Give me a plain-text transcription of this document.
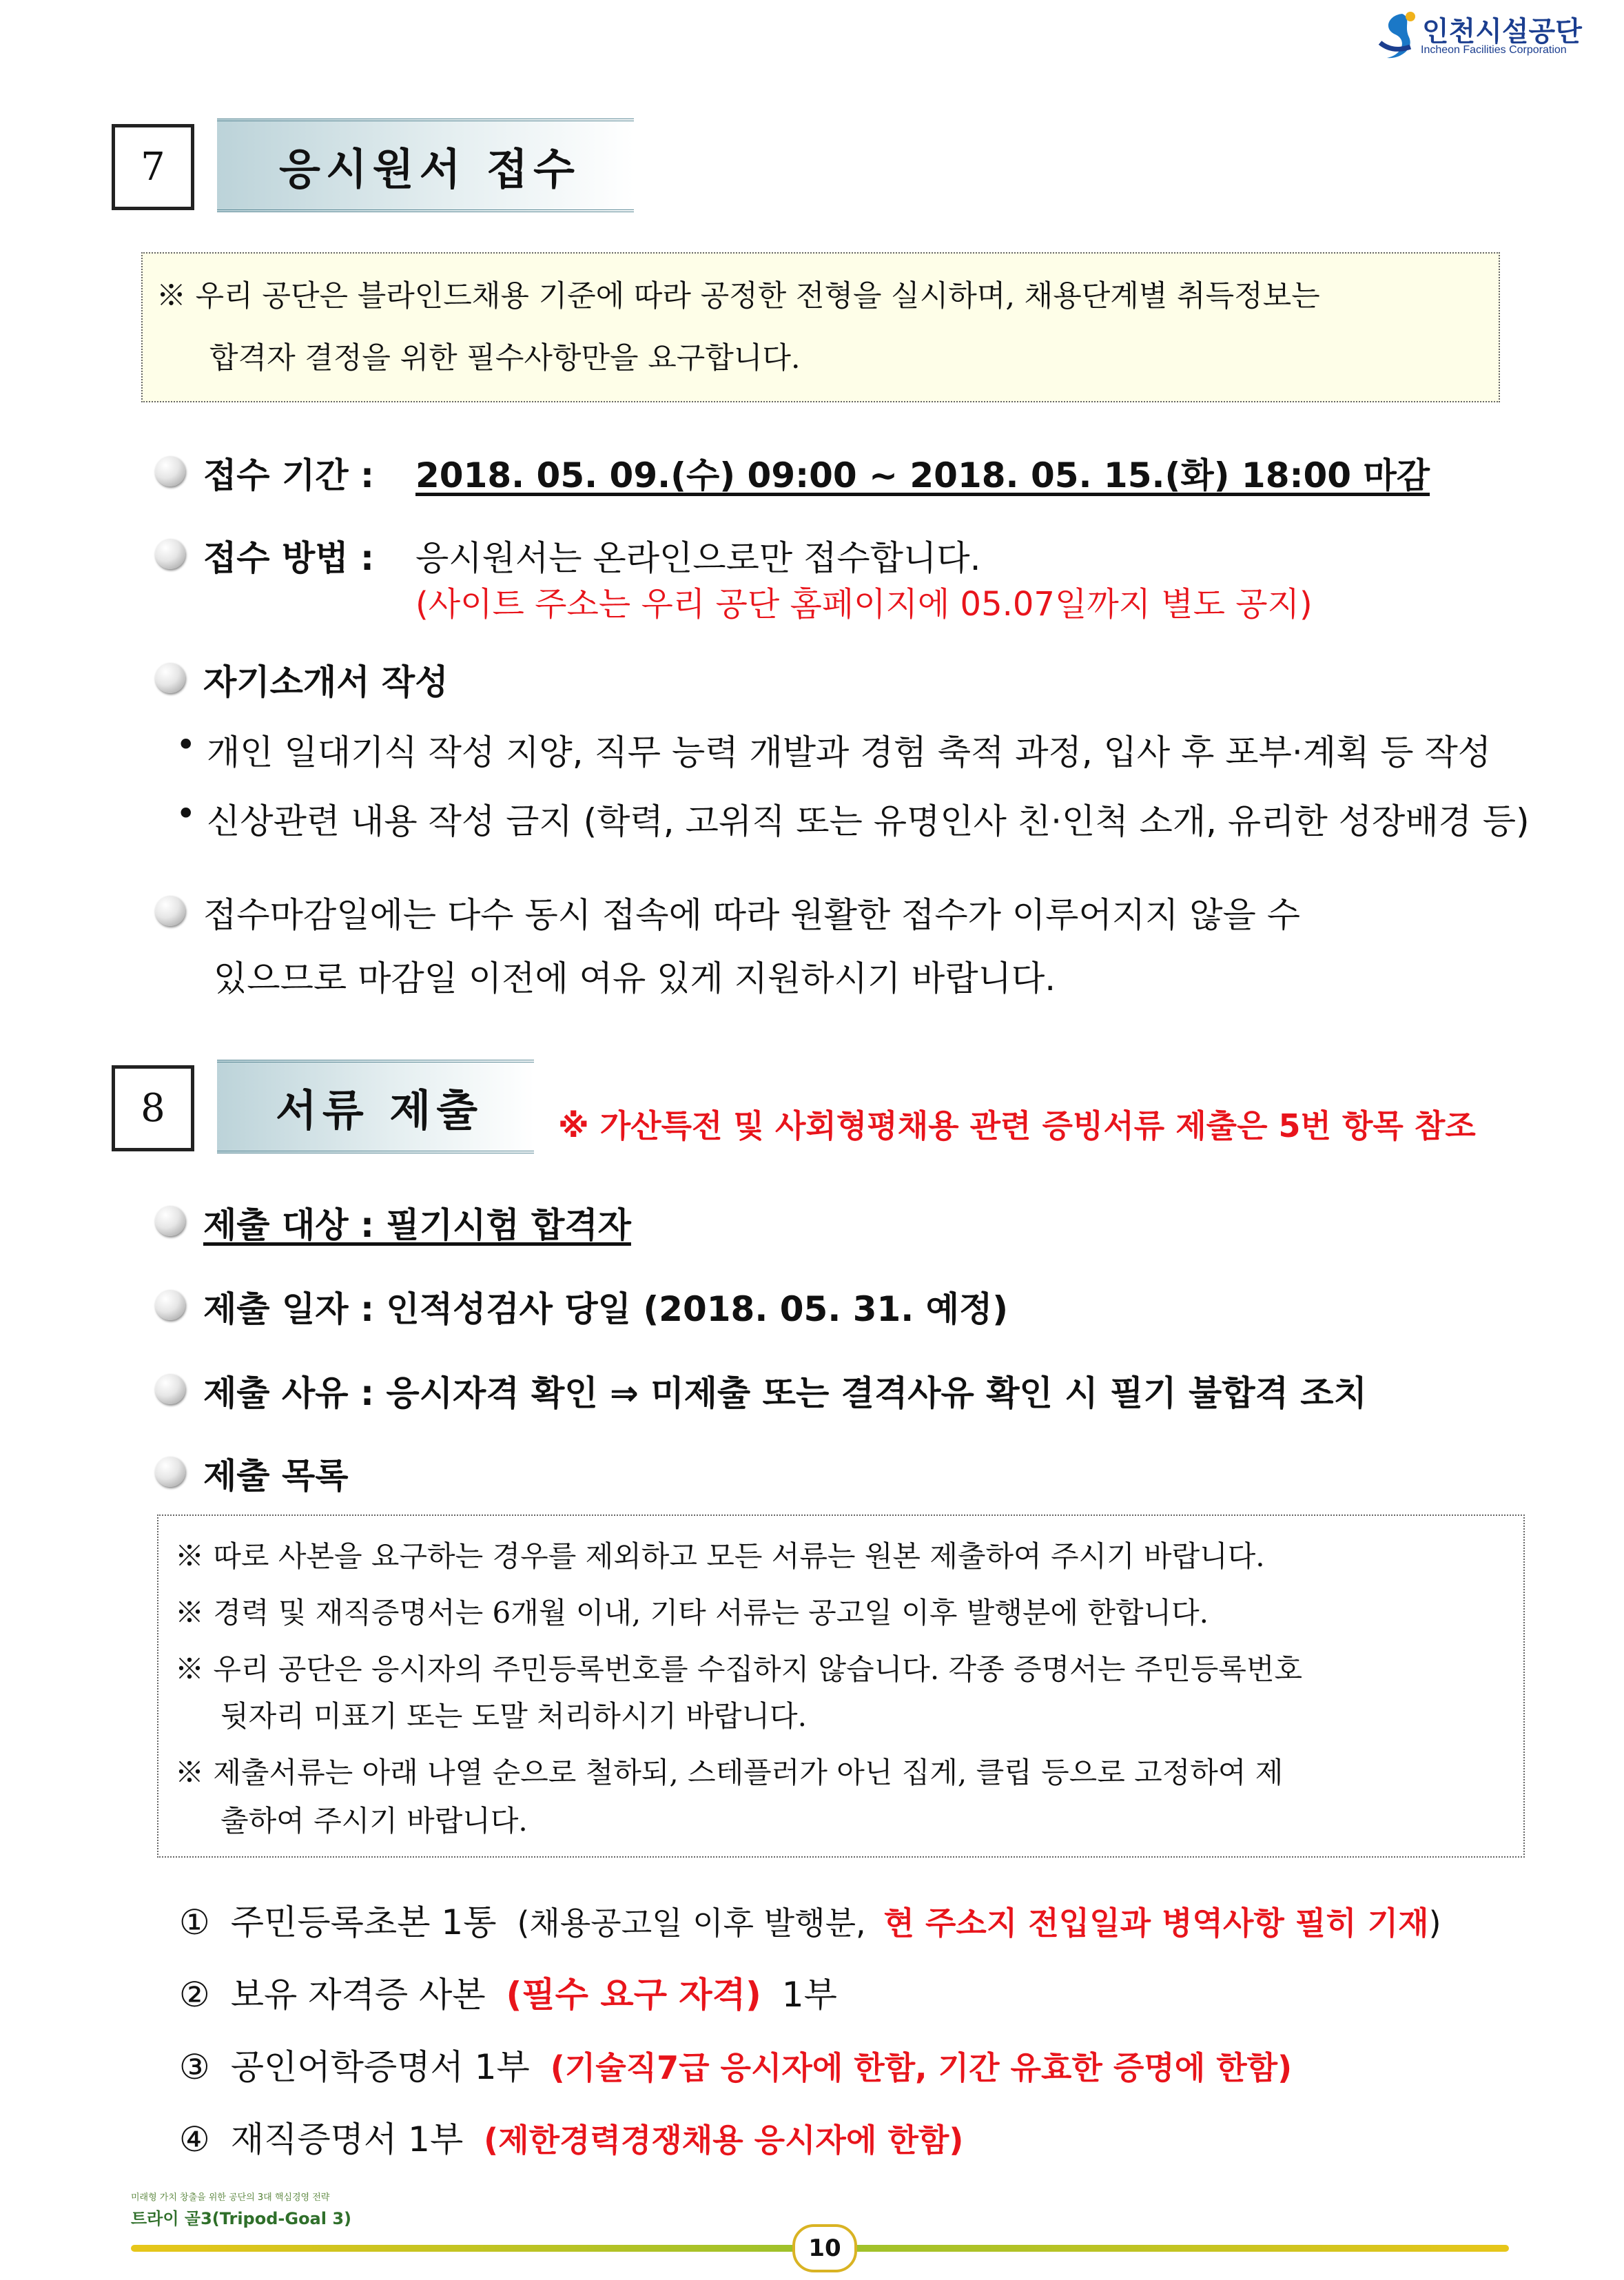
인천시설공단
Incheon Facilities Corporation
7	응시원서 접수
※ 우리 공단은 블라인드채용 기준에 따라 공정한 전형을 실시하며, 채용단계별 취득정보는
합격자 결정을 위한 필수사항만을 요구합니다.
접수 기간 : 2018. 05. 09.(수) 09:00 ~ 2018. 05. 15.(화) 18:00 마감
접수 방법 : 응시원서는 온라인으로만 접수합니다.
(사이트 주소는 우리 공단 홈페이지에 05.07일까지 별도 공지)
자기소개서 작성
• 개인 일대기식 작성 지양, 직무 능력 개발과 경험 축적 과정, 입사 후 포부·계획 등 작성
• 신상관련 내용 작성 금지 (학력, 고위직 또는 유명인사 친·인척 소개, 유리한 성장배경 등)
접수마감일에는 다수 동시 접속에 따라 원활한 접수가 이루어지지 않을 수
있으므로 마감일 이전에 여유 있게 지원하시기 바랍니다.
8	서류 제출	※ 가산특전 및 사회형평채용 관련 증빙서류 제출은 5번 항목 참조
제출 대상 : 필기시험 합격자
제출 일자 : 인적성검사 당일 (2018. 05. 31. 예정)
제출 사유 : 응시자격 확인 ⇒ 미제출 또는 결격사유 확인 시 필기 불합격 조치
제출 목록
※ 따로 사본을 요구하는 경우를 제외하고 모든 서류는 원본 제출하여 주시기 바랍니다.
※ 경력 및 재직증명서는 6개월 이내, 기타 서류는 공고일 이후 발행분에 한합니다.
※ 우리 공단은 응시자의 주민등록번호를 수집하지 않습니다. 각종 증명서는 주민등록번호
뒷자리 미표기 또는 도말 처리하시기 바랍니다.
※ 제출서류는 아래 나열 순으로 철하되, 스테플러가 아닌 집게, 클립 등으로 고정하여 제
출하여 주시기 바랍니다.
① 주민등록초본 1통 (채용공고일 이후 발행분, 현 주소지 전입일과 병역사항 필히 기재)
② 보유 자격증 사본 (필수 요구 자격) 1부
③ 공인어학증명서 1부 (기술직7급 응시자에 한함, 기간 유효한 증명에 한함)
④ 재직증명서 1부 (제한경력경쟁채용 응시자에 한함)
미래형 가치 창출을 위한 공단의 3대 핵심경영 전략
트라이 골3(Tripod-Goal 3)
10
